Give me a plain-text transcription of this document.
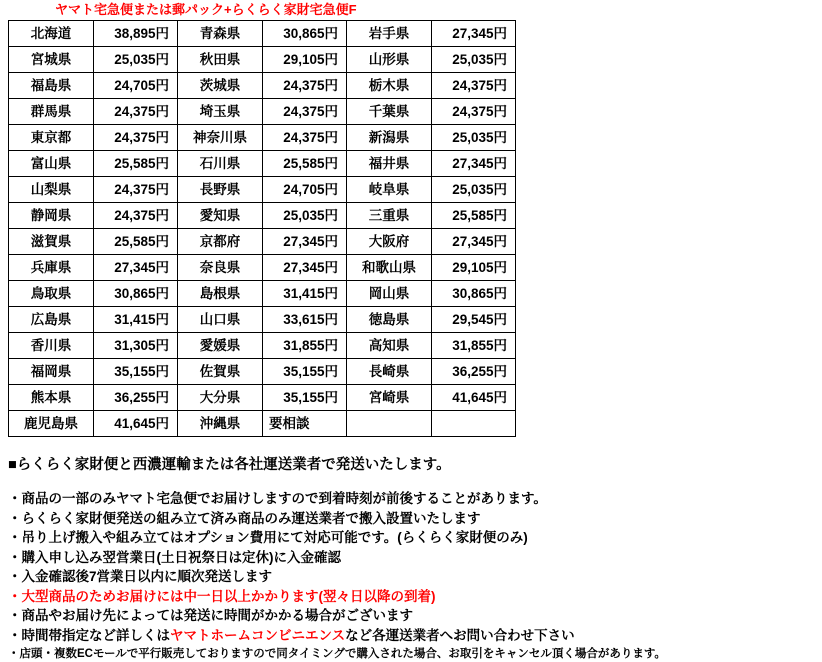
ヤマト宅急便または郵パック+らくらく家財宅急便F
北海道	38,895円	青森県	30,865円	岩手県	27,345円
宮城県	25,035円	秋田県	29,105円	山形県	25,035円
福島県	24,705円	茨城県	24,375円	栃木県	24,375円
群馬県	24,375円	埼玉県	24,375円	千葉県	24,375円
東京都	24,375円	神奈川県	24,375円	新潟県	25,035円
富山県	25,585円	石川県	25,585円	福井県	27,345円
山梨県	24,375円	長野県	24,705円	岐阜県	25,035円
静岡県	24,375円	愛知県	25,035円	三重県	25,585円
滋賀県	25,585円	京都府	27,345円	大阪府	27,345円
兵庫県	27,345円	奈良県	27,345円	和歌山県	29,105円
鳥取県	30,865円	島根県	31,415円	岡山県	30,865円
広島県	31,415円	山口県	33,615円	徳島県	29,545円
香川県	31,305円	愛媛県	31,855円	高知県	31,855円
福岡県	35,155円	佐賀県	35,155円	長崎県	36,255円
熊本県	36,255円	大分県	35,155円	宮崎県	41,645円
鹿児島県	41,645円	沖縄県	要相談		
■らくらく家財便と西濃運輸または各社運送業者で発送いたします。
・商品の一部のみヤマト宅急便でお届けしますので到着時刻が前後することがあります。
・らくらく家財便発送の組み立て済み商品のみ運送業者で搬入設置いたします
・吊り上げ搬入や組み立てはオプション費用にて対応可能です。(らくらく家財便のみ)
・購入申し込み翌営業日(土日祝祭日は定休)に入金確認
・入金確認後7営業日以内に順次発送します
・大型商品のためお届けには中一日以上かかります(翌々日以降の到着)
・商品やお届け先によっては発送に時間がかかる場合がございます
・時間帯指定など詳しくはヤマトホームコンビニエンスなど各運送業者へお問い合わせ下さい
・店頭・複数ECモールで平行販売しておりますので同タイミングで購入された場合、お取引をキャンセル頂く場合があります。
